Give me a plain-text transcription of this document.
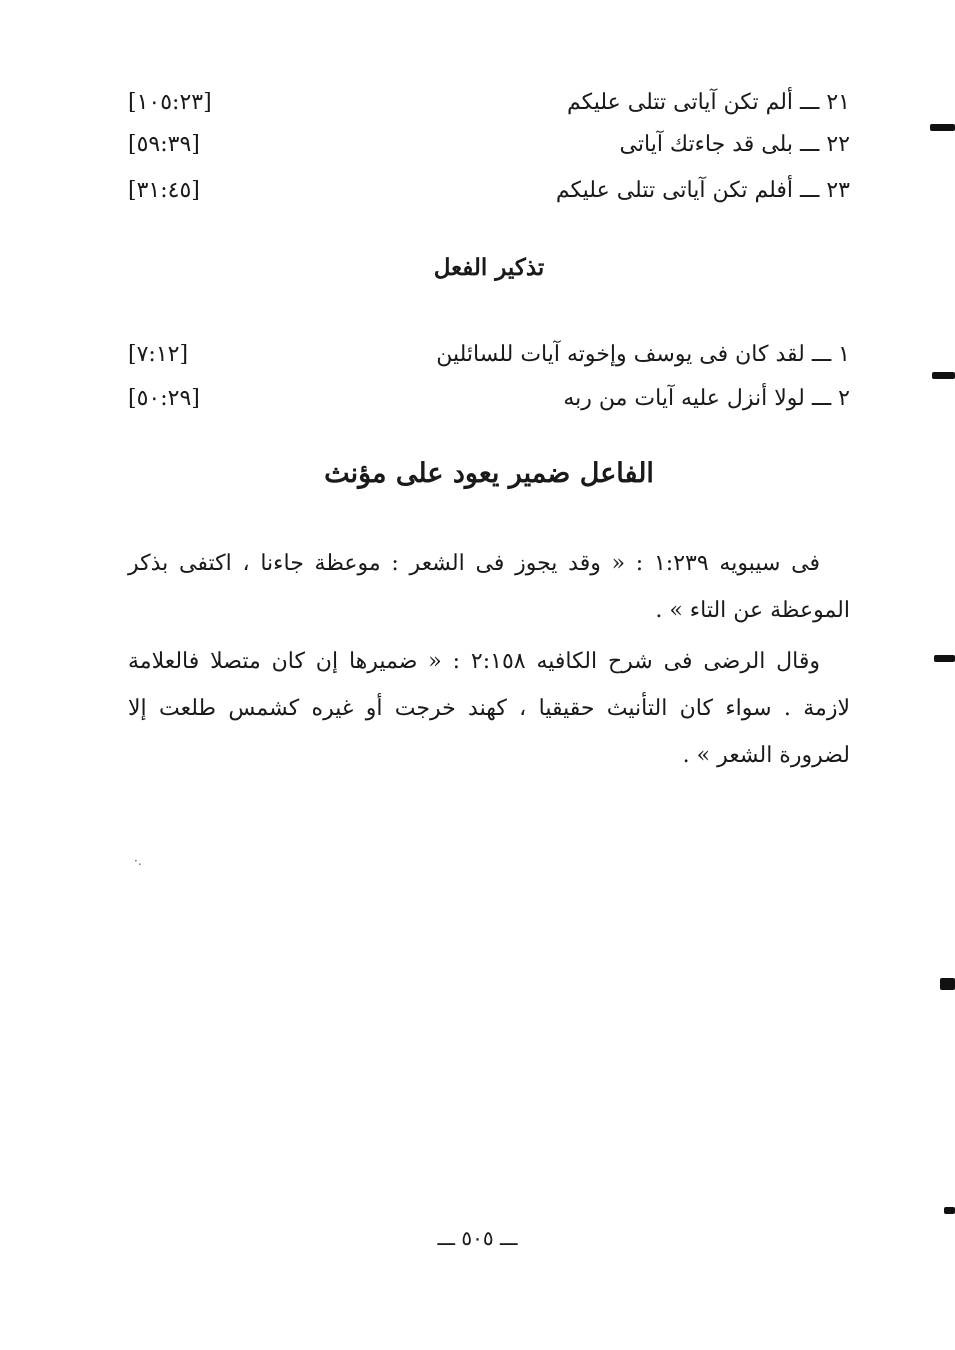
٢١ ـــ ألم تكن آياتى تتلى عليكم
[١٠٥:٢٣]
٢٢ ـــ بلى قد جاءتك آياتى
[٥٩:٣٩]
٢٣ ـــ أفلم تكن آياتى تتلى عليكم
[٣١:٤٥]
تذكير الفعل
١ ـــ لقد كان فى يوسف وإخوته آيات للسائلين
[٧:١٢]
٢ ـــ لولا أنزل عليه آيات من ربه
[٥٠:٢٩]
الفاعل ضمير يعود على مؤنث
فى سيبويه ١:٢٣٩ : « وقد يجوز فى الشعر : موعظة جاءنا ، اكتفى بذكر الموعظة عن التاء » .
وقال الرضى فى شرح الكافيه ٢:١٥٨ : « ضميرها إن كان متصلا فالعلامة لازمة . سواء كان التأنيث حقيقيا ، كهند خرجت أو غيره كشمس طلعت إلا لضرورة الشعر » .
·.
ـــ ٥٠٥ ـــ
